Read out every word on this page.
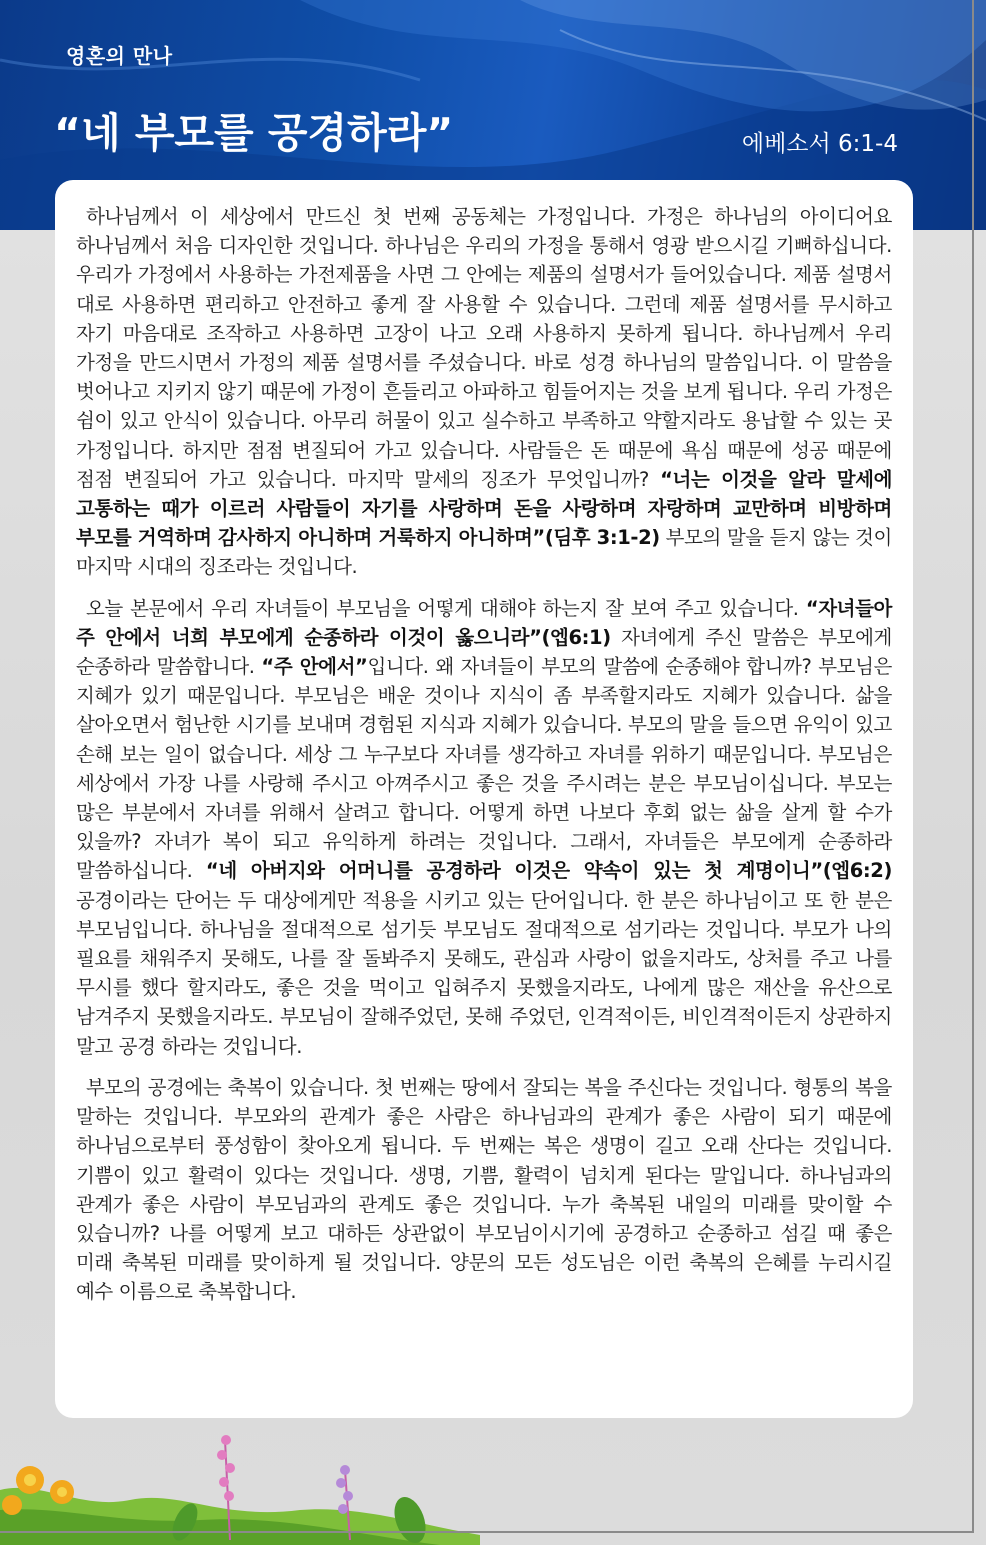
영혼의 만나
“네 부모를 공경하라”	에베소서 6:1-4

하나님께서 이 세상에서 만드신 첫 번째 공동체는 가정입니다. 가정은 하나님의 아이디어요 하나님께서 처음 디자인한 것입니다. 하나님은 우리의 가정을 통해서 영광 받으시길 기뻐하십니다. 우리가 가정에서 사용하는 가전제품을 사면 그 안에는 제품의 설명서가 들어있습니다. 제품 설명서 대로 사용하면 편리하고 안전하고 좋게 잘 사용할 수 있습니다. 그런데 제품 설명서를 무시하고 자기 마음대로 조작하고 사용하면 고장이 나고 오래 사용하지 못하게 됩니다. 하나님께서 우리 가정을 만드시면서 가정의 제품 설명서를 주셨습니다. 바로 성경 하나님의 말씀입니다. 이 말씀을 벗어나고 지키지 않기 때문에 가정이 흔들리고 아파하고 힘들어지는 것을 보게 됩니다. 우리 가정은 쉼이 있고 안식이 있습니다. 아무리 허물이 있고 실수하고 부족하고 약할지라도 용납할 수 있는 곳 가정입니다. 하지만 점점 변질되어 가고 있습니다. 사람들은 돈 때문에 욕심 때문에 성공 때문에 점점 변질되어 가고 있습니다. 마지막 말세의 징조가 무엇입니까? “너는 이것을 알라 말세에 고통하는 때가 이르러 사람들이 자기를 사랑하며 돈을 사랑하며 자랑하며 교만하며 비방하며 부모를 거역하며 감사하지 아니하며 거룩하지 아니하며”(딤후 3:1-2) 부모의 말을 듣지 않는 것이 마지막 시대의 징조라는 것입니다.

오늘 본문에서 우리 자녀들이 부모님을 어떻게 대해야 하는지 잘 보여 주고 있습니다. “자녀들아 주 안에서 너희 부모에게 순종하라 이것이 옳으니라”(엡6:1) 자녀에게 주신 말씀은 부모에게 순종하라 말씀합니다. “주 안에서”입니다. 왜 자녀들이 부모의 말씀에 순종해야 합니까? 부모님은 지혜가 있기 때문입니다. 부모님은 배운 것이나 지식이 좀 부족할지라도 지혜가 있습니다. 삶을 살아오면서 험난한 시기를 보내며 경험된 지식과 지혜가 있습니다. 부모의 말을 들으면 유익이 있고 손해 보는 일이 없습니다. 세상 그 누구보다 자녀를 생각하고 자녀를 위하기 때문입니다. 부모님은 세상에서 가장 나를 사랑해 주시고 아껴주시고 좋은 것을 주시려는 분은 부모님이십니다. 부모는 많은 부분에서 자녀를 위해서 살려고 합니다. 어떻게 하면 나보다 후회 없는 삶을 살게 할 수가 있을까? 자녀가 복이 되고 유익하게 하려는 것입니다. 그래서, 자녀들은 부모에게 순종하라 말씀하십니다. “네 아버지와 어머니를 공경하라 이것은 약속이 있는 첫 계명이니”(엡6:2) 공경이라는 단어는 두 대상에게만 적용을 시키고 있는 단어입니다. 한 분은 하나님이고 또 한 분은 부모님입니다. 하나님을 절대적으로 섬기듯 부모님도 절대적으로 섬기라는 것입니다. 부모가 나의 필요를 채워주지 못해도, 나를 잘 돌봐주지 못해도, 관심과 사랑이 없을지라도, 상처를 주고 나를 무시를 했다 할지라도, 좋은 것을 먹이고 입혀주지 못했을지라도, 나에게 많은 재산을 유산으로 남겨주지 못했을지라도. 부모님이 잘해주었던, 못해 주었던, 인격적이든, 비인격적이든지 상관하지 말고 공경 하라는 것입니다.

부모의 공경에는 축복이 있습니다. 첫 번째는 땅에서 잘되는 복을 주신다는 것입니다. 형통의 복을 말하는 것입니다. 부모와의 관계가 좋은 사람은 하나님과의 관계가 좋은 사람이 되기 때문에 하나님으로부터 풍성함이 찾아오게 됩니다. 두 번째는 복은 생명이 길고 오래 산다는 것입니다. 기쁨이 있고 활력이 있다는 것입니다. 생명, 기쁨, 활력이 넘치게 된다는 말입니다. 하나님과의 관계가 좋은 사람이 부모님과의 관계도 좋은 것입니다. 누가 축복된 내일의 미래를 맞이할 수 있습니까? 나를 어떻게 보고 대하든 상관없이 부모님이시기에 공경하고 순종하고 섬길 때 좋은 미래 축복된 미래를 맞이하게 될 것입니다. 양문의 모든 성도님은 이런 축복의 은혜를 누리시길 예수 이름으로 축복합니다.
